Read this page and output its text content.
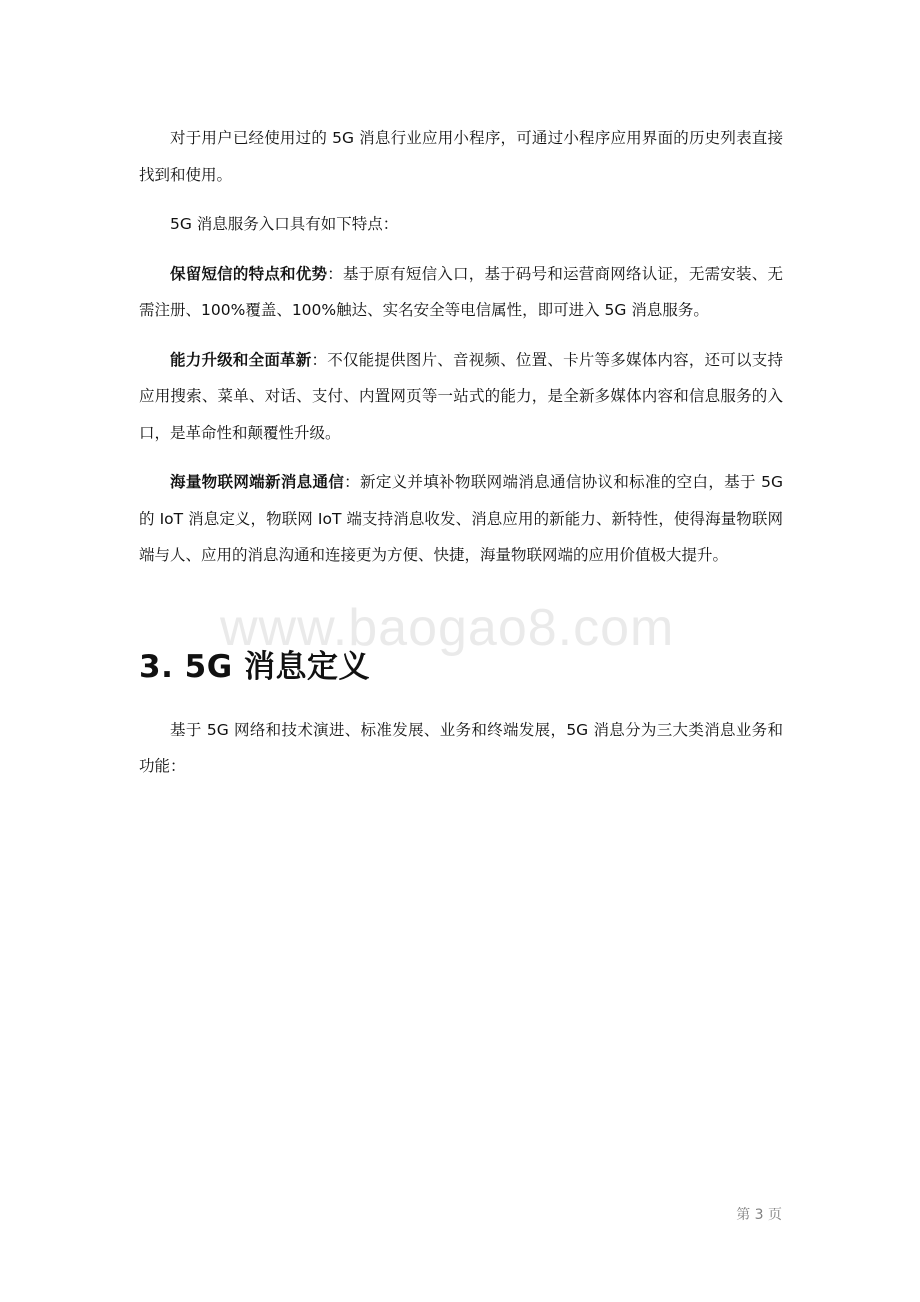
对于用户已经使用过的 5G 消息行业应用小程序，可通过小程序应用界面的历史列表直接找到和使用。

5G 消息服务入口具有如下特点：

保留短信的特点和优势：基于原有短信入口，基于码号和运营商网络认证，无需安装、无需注册、100%覆盖、100%触达、实名安全等电信属性，即可进入 5G 消息服务。

能力升级和全面革新：不仅能提供图片、音视频、位置、卡片等多媒体内容，还可以支持应用搜索、菜单、对话、支付、内置网页等一站式的能力，是全新多媒体内容和信息服务的入口，是革命性和颠覆性升级。

海量物联网端新消息通信：新定义并填补物联网端消息通信协议和标准的空白，基于 5G 的 IoT 消息定义，物联网 IoT 端支持消息收发、消息应用的新能力、新特性，使得海量物联网端与人、应用的消息沟通和连接更为方便、快捷，海量物联网端的应用价值极大提升。

3. 5G 消息定义

基于 5G 网络和技术演进、标准发展、业务和终端发展，5G 消息分为三大类消息业务和功能：

www.baogao8.com
第 3 页
